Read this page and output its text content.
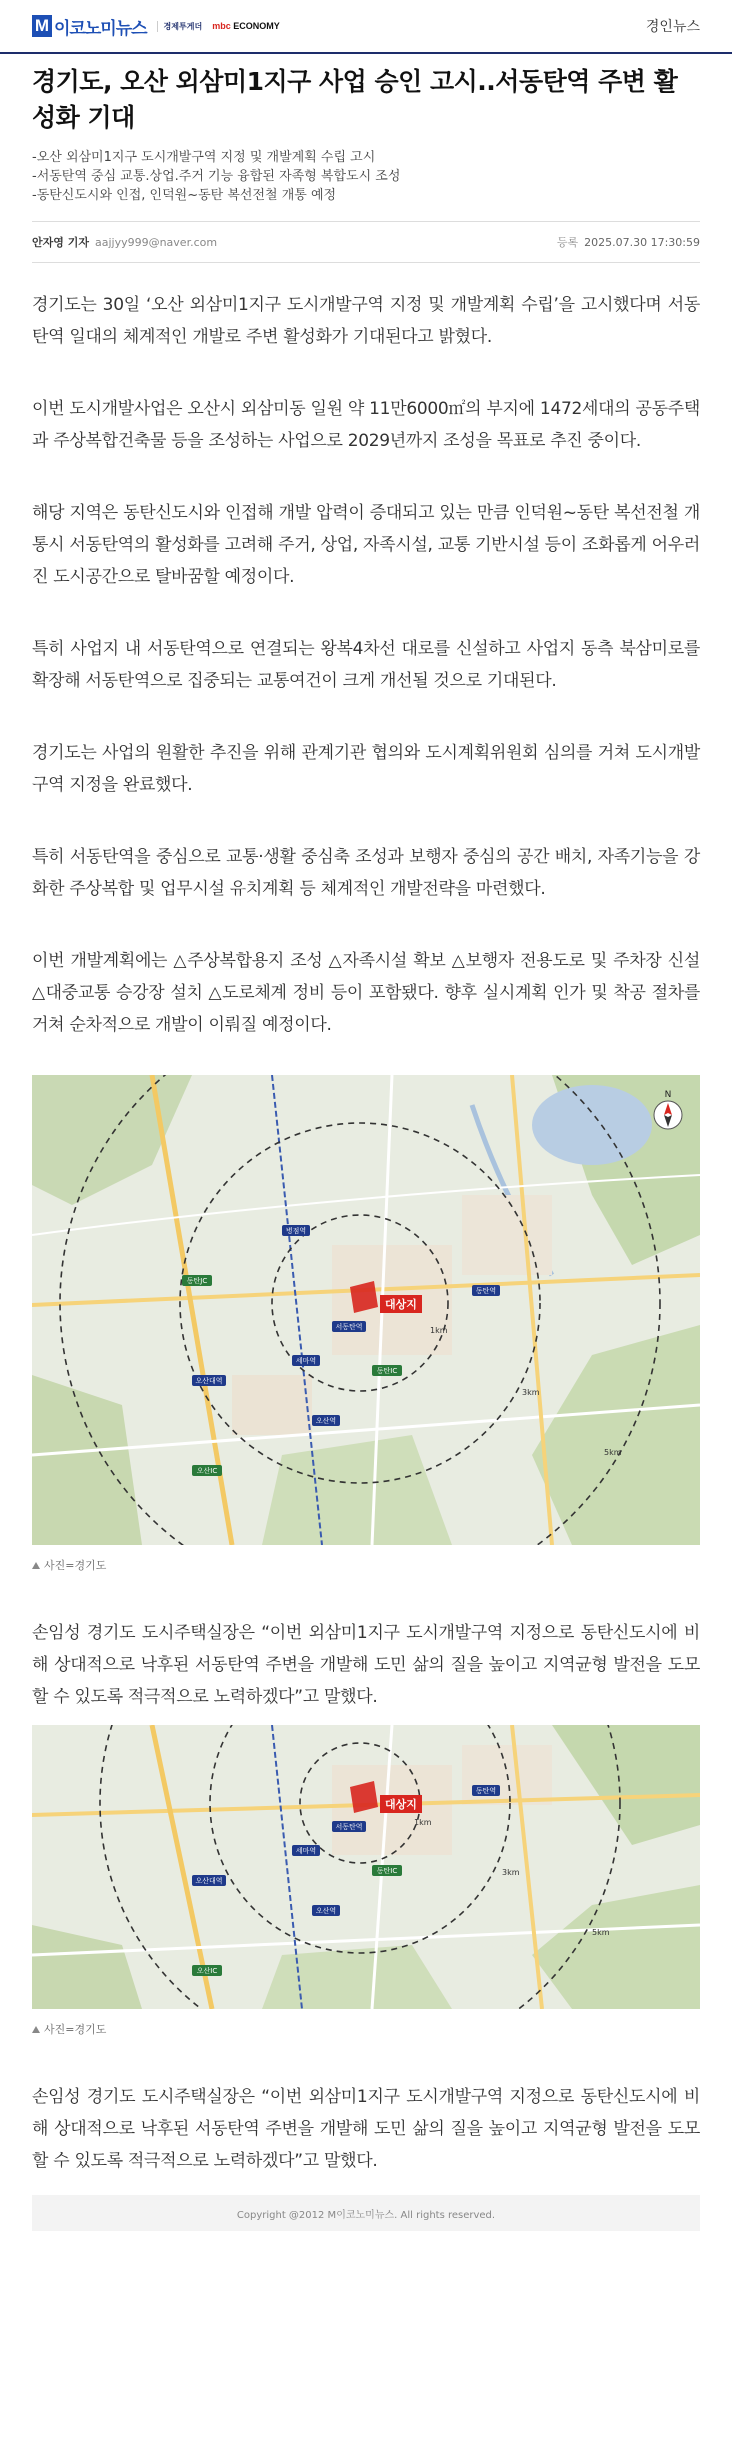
M 이코노미뉴스	경제투게더 mbc ECONOMY	경인뉴스
경기도, 오산 외삼미1지구 사업 승인 고시..서동탄역 주변 활성화 기대

-오산 외삼미1지구 도시개발구역 지정 및 개발계획 수립 고시

-서동탄역 중심 교통.상업.주거 기능 융합된 자족형 복합도시 조성

-동탄신도시와 인접, 인덕원~동탄 복선전철 개통 예정

안자영 기자 aajjyy999@naver.com	등록 2025.07.30 17:30:59

경기도는 30일 ‘오산 외삼미1지구 도시개발구역 지정 및 개발계획 수립’을 고시했다며 서동탄역 일대의 체계적인 개발로 주변 활성화가 기대된다고 밝혔다.

이번 도시개발사업은 오산시 외삼미동 일원 약 11만6000㎡의 부지에 1472세대의 공동주택과 주상복합건축물 등을 조성하는 사업으로 2029년까지 조성을 목표로 추진 중이다.

해당 지역은 동탄신도시와 인접해 개발 압력이 증대되고 있는 만큼 인덕원~동탄 복선전철 개통시 서동탄역의 활성화를 고려해 주거, 상업, 자족시설, 교통 기반시설 등이 조화롭게 어우러진 도시공간으로 탈바꿈할 예정이다.

특히 사업지 내 서동탄역으로 연결되는 왕복4차선 대로를 신설하고 사업지 동측 북삼미로를 확장해 서동탄역으로 집중되는 교통여건이 크게 개선될 것으로 기대된다.

경기도는 사업의 원활한 추진을 위해 관계기관 협의와 도시계획위원회 심의를 거쳐 도시개발구역 지정을 완료했다.

특히 서동탄역을 중심으로 교통·생활 중심축 조성과 보행자 중심의 공간 배치, 자족기능을 강화한 주상복합 및 업무시설 유치계획 등 체계적인 개발전략을 마련했다.

이번 개발계획에는 △주상복합용지 조성 △자족시설 확보 △보행자 전용도로 및 주차장 신설 △대중교통 승강장 설치 △도로체계 정비 등이 포함됐다. 향후 실시계획 인가 및 착공 절차를 거쳐 순차적으로 개발이 이뤄질 예정이다.

대상지
세마역
서동탄역
병점역
동탄역
오산역
오산대역
동탄IC
동탄JC
오산IC
1km
3km
5km
N
사진=경기도

손임성 경기도 도시주택실장은 “이번 외삼미1지구 도시개발구역 지정으로 동탄신도시에 비해 상대적으로 낙후된 서동탄역 주변을 개발해 도민 삶의 질을 높이고 지역균형 발전을 도모할 수 있도록 적극적으로 노력하겠다”고 말했다.

대상지
세마역
서동탄역
동탄역
오산역
오산대역
동탄IC
오산IC
1km
3km
5km
사진=경기도

손임성 경기도 도시주택실장은 “이번 외삼미1지구 도시개발구역 지정으로 동탄신도시에 비해 상대적으로 낙후된 서동탄역 주변을 개발해 도민 삶의 질을 높이고 지역균형 발전을 도모할 수 있도록 적극적으로 노력하겠다”고 말했다.

Copyright @2012 M이코노미뉴스. All rights reserved.
